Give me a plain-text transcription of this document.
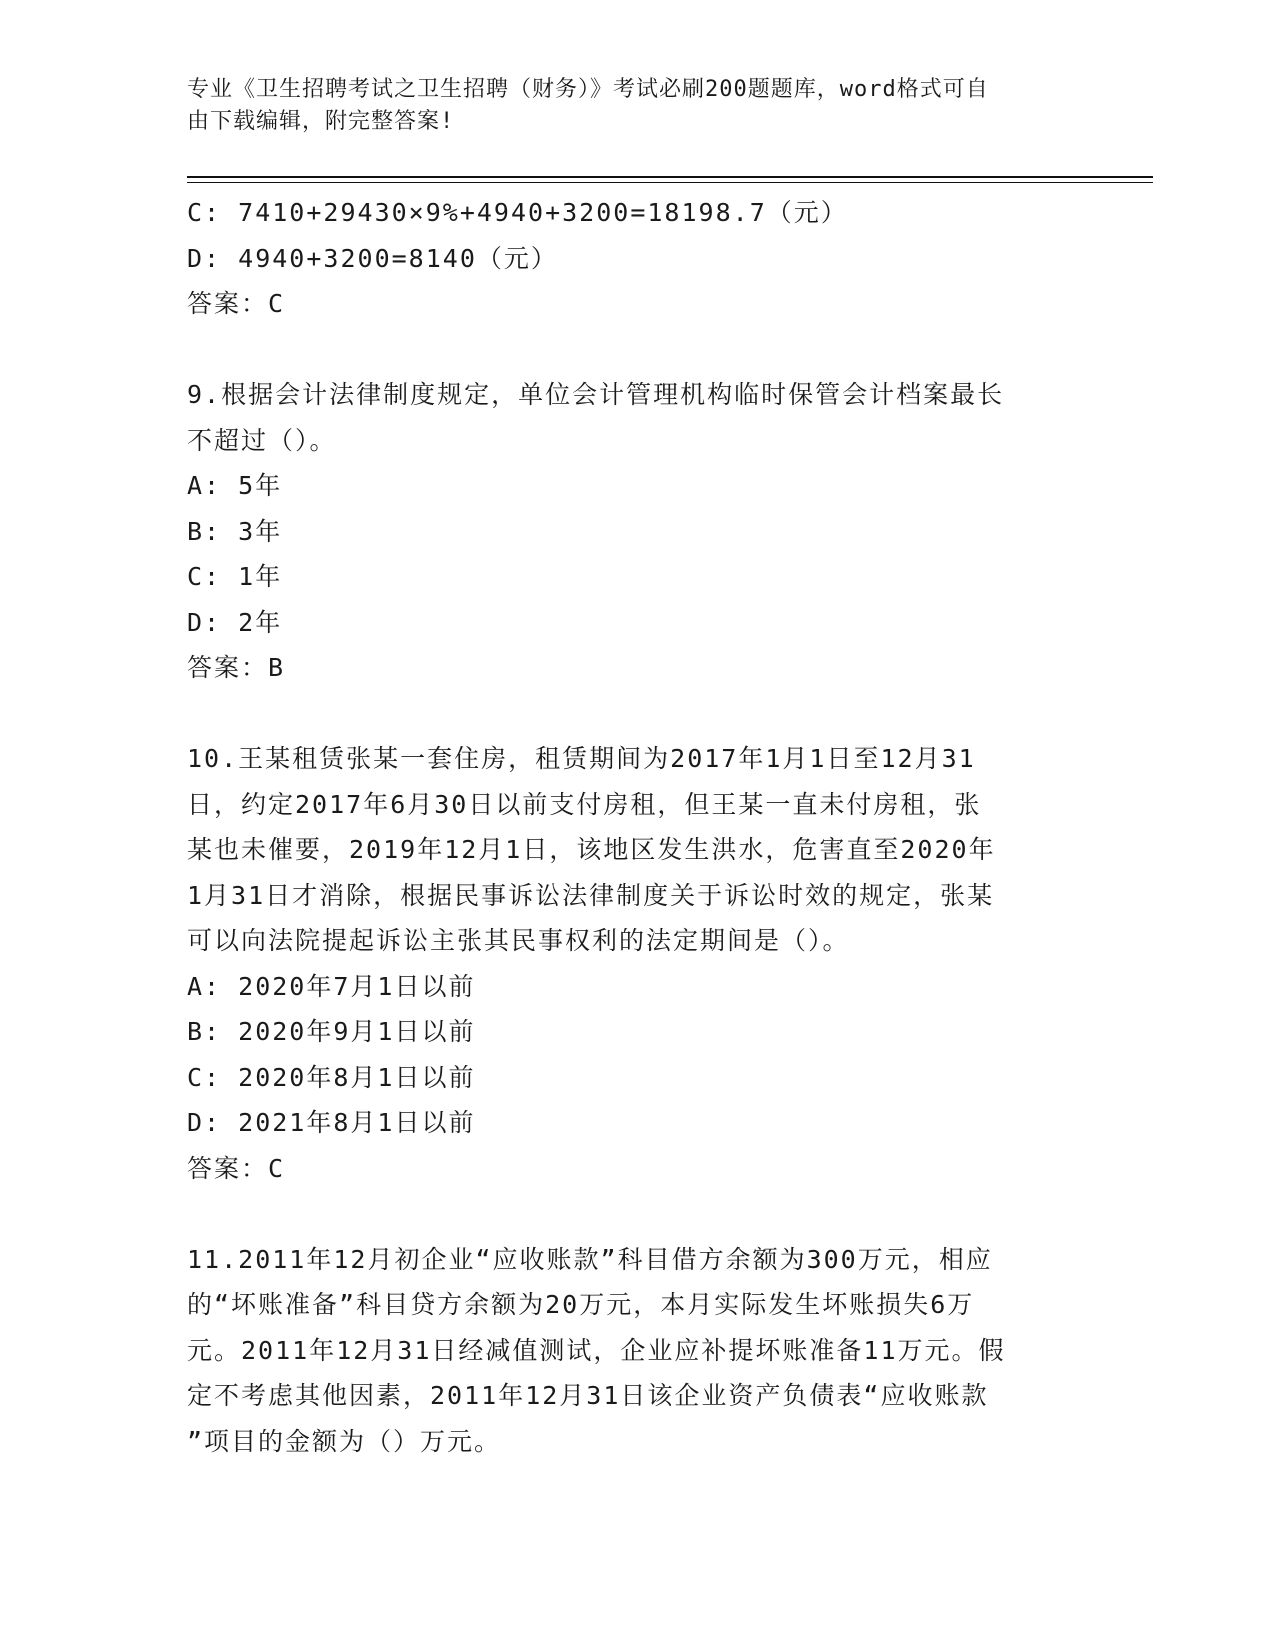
专业《卫生招聘考试之卫生招聘（财务）》考试必刷200题题库，word格式可自
由下载编辑，附完整答案!
C: 7410+29430×9%+4940+3200=18198.7（元）
D: 4940+3200=8140（元）
答案：C
9.根据会计法律制度规定，单位会计管理机构临时保管会计档案最长
不超过（）。
A: 5年
B: 3年
C: 1年
D: 2年
答案：B
10.王某租赁张某一套住房，租赁期间为2017年1月1日至12月31
日，约定2017年6月30日以前支付房租，但王某一直未付房租，张
某也未催要，2019年12月1日，该地区发生洪水，危害直至2020年
1月31日才消除，根据民事诉讼法律制度关于诉讼时效的规定，张某
可以向法院提起诉讼主张其民事权利的法定期间是（）。
A: 2020年7月1日以前
B: 2020年9月1日以前
C: 2020年8月1日以前
D: 2021年8月1日以前
答案：C
11.2011年12月初企业“应收账款”科目借方余额为300万元，相应
的“坏账准备”科目贷方余额为20万元，本月实际发生坏账损失6万
元。2011年12月31日经减值测试，企业应补提坏账准备11万元。假
定不考虑其他因素，2011年12月31日该企业资产负债表“应收账款
”项目的金额为（）万元。
